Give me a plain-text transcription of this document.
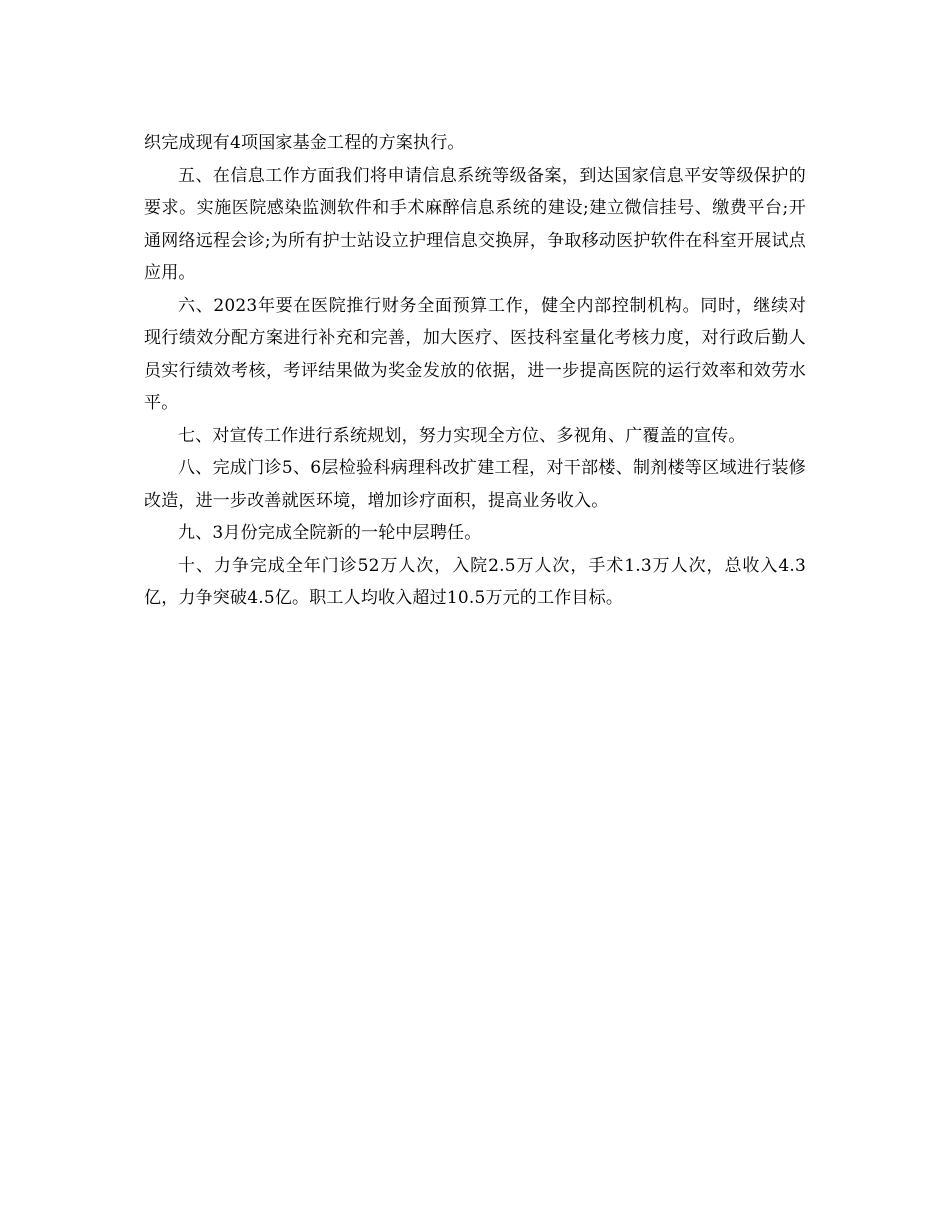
织完成现有4项国家基金工程的方案执行。

五、在信息工作方面我们将申请信息系统等级备案，到达国家信息平安等级保护的要求。实施医院感染监测软件和手术麻醉信息系统的建设;建立微信挂号、缴费平台;开通网络远程会诊;为所有护士站设立护理信息交换屏，争取移动医护软件在科室开展试点应用。

六、2023年要在医院推行财务全面预算工作，健全内部控制机构。同时，继续对现行绩效分配方案进行补充和完善，加大医疗、医技科室量化考核力度，对行政后勤人员实行绩效考核，考评结果做为奖金发放的依据，进一步提高医院的运行效率和效劳水平。

七、对宣传工作进行系统规划，努力实现全方位、多视角、广覆盖的宣传。

八、完成门诊5、6层检验科病理科改扩建工程，对干部楼、制剂楼等区域进行装修改造，进一步改善就医环境，增加诊疗面积，提高业务收入。

九、3月份完成全院新的一轮中层聘任。

十、力争完成全年门诊52万人次，入院2.5万人次，手术1.3万人次，总收入4.3亿，力争突破4.5亿。职工人均收入超过10.5万元的工作目标。
